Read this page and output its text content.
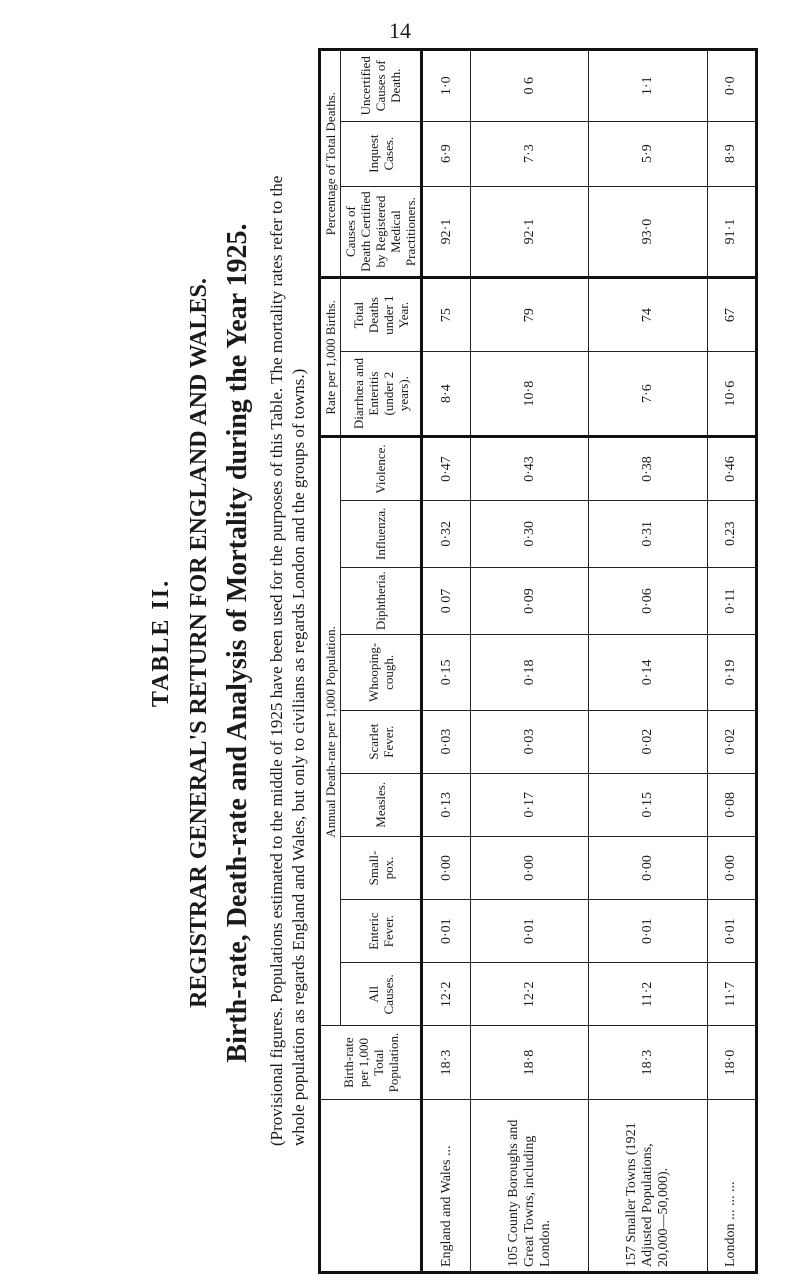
14
TABLE II. REGISTRAR GENERAL'S RETURN FOR ENGLAND AND WALES. Birth-rate, Death-rate and Analysis of Mortality during the Year 1925. (Provisional figures. Populations estimated to the middle of 1925 have been used for the purposes of this Table. The mortality rates refer to the whole population as regards England and Wales, but only to civilians as regards London and the groups of towns.)
		Birth-rate per 1,000 Total Population.	Annual Death-rate per 1,000 Population.									Rate per 1,000 Births.		Percentage of Total Deaths.		
		All Causes.	Enteric Fever.	Small-pox.	Measles.	Scarlet Fever.	Whooping-cough.	Diphtheria.	Influenza.	Violence.	Diarrhœa and Enteritis (under 2 years).	Total Deaths under 1 Year.	Causes of Death Certified by Registered Medical Practitioners.	Inquest Cases.	Uncertified Causes of Death.
England and Wales ...	18·3	12·2	0·01	0·00	0·13	0·03	0·15	0 07	0·32	0·47	8·4	75	92·1	6·9	1·0
105 County Boroughs and Great Towns, including London.	18·8	12·2	0·01	0·00	0·17	0·03	0·18	0·09	0·30	0·43	10·8	79	92·1	7·3	0 6
157 Smaller Towns (1921 Adjusted Populations, 20,000—50,000).	18·3	11·2	0·01	0·00	0·15	0·02	0·14	0·06	0·31	0·38	7·6	74	93·0	5·9	1·1
London ... ... ...	18·0	11·7	0·01	0·00	0·08	0·02	0·19	0·11	0.23	0·46	10·6	67	91·1	8·9	0·0
